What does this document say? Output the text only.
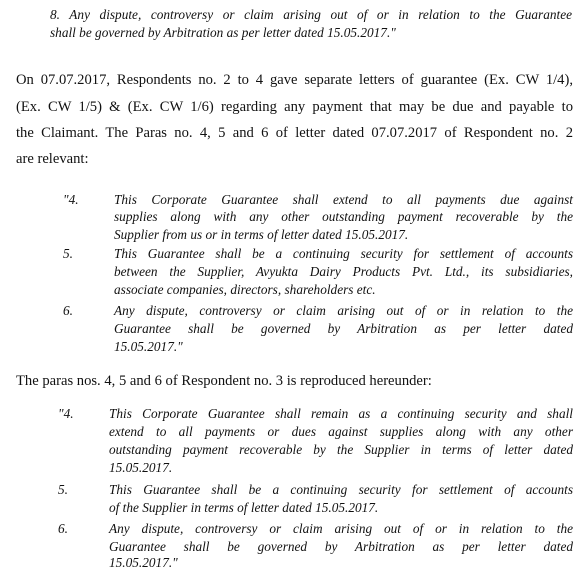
8. Any dispute, controversy or claim arising out of or in relation to the Guarantee
shall be governed by Arbitration as per letter dated 15.05.2017."
On 07.07.2017, Respondents no. 2 to 4 gave separate letters of guarantee (Ex. CW 1/4),
(Ex. CW 1/5) & (Ex. CW 1/6) regarding any payment that may be due and payable to
the Claimant. The Paras no. 4, 5 and 6 of letter dated 07.07.2017 of Respondent no. 2
are relevant:
"4.	This Corporate Guarantee shall extend to all payments due against
supplies along with any other outstanding payment recoverable by the
Supplier from us or in terms of letter dated 15.05.2017.
5.	This Guarantee shall be a continuing security for settlement of accounts
between the Supplier, Avyukta Dairy Products Pvt. Ltd., its subsidiaries,
associate companies, directors, shareholders etc.
6.	Any dispute, controversy or claim arising out of or in relation to the
Guarantee shall be governed by Arbitration as per letter dated
15.05.2017."
The paras nos. 4, 5 and 6 of Respondent no. 3 is reproduced hereunder:
"4.	This Corporate Guarantee shall remain as a continuing security and shall
extend to all payments or dues against supplies along with any other
outstanding payment recoverable by the Supplier in terms of letter dated
15.05.2017.
5.	This Guarantee shall be a continuing security for settlement of accounts
of the Supplier in terms of letter dated 15.05.2017.
6.	Any dispute, controversy or claim arising out of or in relation to the
Guarantee shall be governed by Arbitration as per letter dated
15.05.2017."
